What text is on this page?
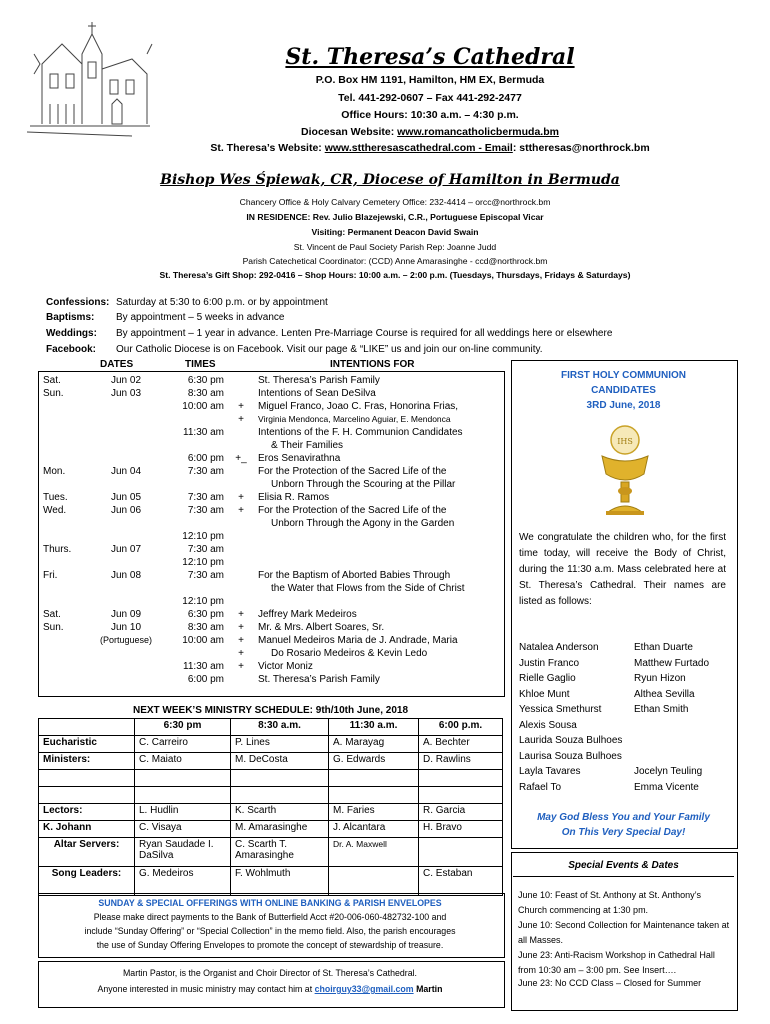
St. Theresa’s Cathedral
P.O. Box HM 1191, Hamilton, HM EX, Bermuda
Tel. 441-292-0607 – Fax 441-292-2477
Office Hours: 10:30 a.m. – 4:30 p.m.
Diocesan Website: www.romancatholicbermuda.bm
St. Theresa’s Website: www.sttheresascathedral.com - Email: sttheresas@northrock.bm
Bishop Wes Śpiewak, CR, Diocese of Hamilton in Bermuda
Chancery Office & Holy Calvary Cemetery Office: 232-4414 – orcc@northrock.bm
IN RESIDENCE: Rev. Julio Blazejewski, C.R., Portuguese Episcopal Vicar
Visiting: Permanent Deacon David Swain
St. Vincent de Paul Society Parish Rep: Joanne Judd
Parish Catechetical Coordinator: (CCD) Anne Amarasinghe - ccd@northrock.bm
St. Theresa’s Gift Shop: 292-0416 – Shop Hours: 10:00 a.m. – 2:00 p.m. (Tuesdays, Thursdays, Fridays & Saturdays)
Confessions: Saturday at 5:30 to 6:00 p.m. or by appointment
Baptisms: By appointment – 5 weeks in advance
Weddings: By appointment – 1 year in advance. Lenten Pre-Marriage Course is required for all weddings here or elsewhere
Facebook: Our Catholic Diocese is on Facebook. Visit our page & “LIKE” us and join our on-line community.
DATES	TIMES	INTENTIONS FOR
Sat.	Jun 02	6:30 pm		St. Theresa’s Parish Family
Sun.	Jun 03	8:30 am		Intentions of Sean DeSilva
		10:00 am	+	Miguel Franco, Joao C. Fras, Honorina Frias,
			+	Virginia Mendonca, Marcelino Aguiar, E. Mendonca
		11:30 am		Intentions of the F. H. Communion Candidates
				& Their Families
		6:00 pm	+_	Eros Senavirathna
Mon.	Jun 04	7:30 am		For the Protection of the Sacred Life of the
				Unborn Through the Scouring at the Pillar
Tues.	Jun 05	7:30 am	+	Elisia R. Ramos
Wed.	Jun 06	7:30 am	+	For the Protection of the Sacred Life of the
				Unborn Through the Agony in the Garden
		12:10 pm		
Thurs.	Jun 07	7:30 am		
		12:10 pm		
Fri.	Jun 08	7:30 am		For the Baptism of Aborted Babies Through
				the Water that Flows from the Side of Christ
		12:10 pm		
Sat.	Jun 09	6:30 pm	+	Jeffrey Mark Medeiros
Sun.	Jun 10	8:30 am	+	Mr. & Mrs. Albert Soares, Sr.
	(Portuguese)	10:00 am	+	Manuel Medeiros Maria de J. Andrade, Maria
			+	Do Rosario Medeiros & Kevin Ledo
		11:30 am	+	Victor Moniz
		6:00 pm		St. Theresa’s Parish Family
NEXT WEEK’S MINISTRY SCHEDULE: 9th/10th June, 2018
	6:30 pm	8:30 a.m.	11:30 a.m.	6:00 p.m.
Eucharistic	C. Carreiro	P. Lines	A. Marayag	A. Bechter
Ministers:	C. Maiato	M. DeCosta	G. Edwards	D. Rawlins

Lectors:	L. Hudlin	K. Scarth	M. Faries	R. Garcia
K. Johann	C. Visaya	M. Amarasinghe	J. Alcantara	H. Bravo
Altar Servers:	Ryan Saudade I. DaSilva	C. Scarth T. Amarasinghe	Dr. A. Maxwell	
Song Leaders:	G. Medeiros	F. Wohlmuth		C. Estaban
SUNDAY & SPECIAL OFFERINGS WITH ONLINE BANKING & PARISH ENVELOPES
Please make direct payments to the Bank of Butterfield Acct #20-006-060-482732-100 and
include “Sunday Offering” or “Special Collection” in the memo field. Also, the parish encourages
the use of Sunday Offering Envelopes to promote the concept of stewardship of treasure.
Martin Pastor, is the Organist and Choir Director of St. Theresa’s Cathedral.
Anyone interested in music ministry may contact him at choirguy33@gmail.com Martin
FIRST HOLY COMMUNION
CANDIDATES
3RD June, 2018
IHS
We congratulate the children who, for the first time today, will receive the Body of Christ, during the 11:30 a.m. Mass celebrated here at St. Theresa’s Cathedral. Their names are listed as follows:
Natalea Anderson
Justin Franco
Rielle Gaglio
Khloe Munt
Yessica Smethurst
Alexis Sousa
Laurida Souza Bulhoes
Laurisa Souza Bulhoes
Layla Tavares
Rafael To
Ethan Duarte
Matthew Furtado
Ryun Hizon
Althea Sevilla
Ethan Smith
Jocelyn Teuling
Emma Vicente
May God Bless You and Your Family
On This Very Special Day!
Special Events & Dates
June 10: Feast of St. Anthony at St. Anthony’s Church commencing at 1:30 pm.
June 10: Second Collection for Maintenance taken at all Masses.
June 23: Anti-Racism Workshop in Cathedral Hall from 10:30 am – 3:00 pm. See Insert….
June 23: No CCD Class – Closed for Summer
